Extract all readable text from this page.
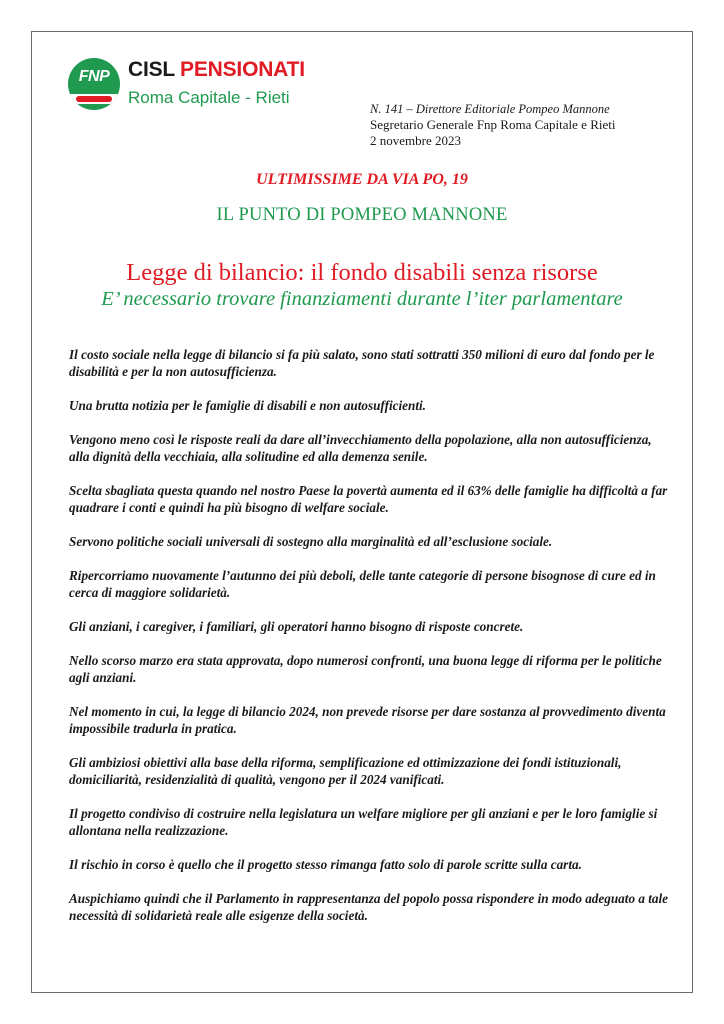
FNP CISL PENSIONATI
Roma Capitale - Rieti
N. 141 – Direttore Editoriale Pompeo Mannone
Segretario Generale Fnp Roma Capitale e Rieti
2 novembre 2023
ULTIMISSIME DA VIA PO, 19
IL PUNTO DI POMPEO MANNONE
Legge di bilancio: il fondo disabili senza risorse
E’ necessario trovare finanziamenti durante l’iter parlamentare

Il costo sociale nella legge di bilancio si fa più salato, sono stati sottratti 350 milioni di euro dal fondo per le disabilità e per la non autosufficienza.

Una brutta notizia per le famiglie di disabili e non autosufficienti.

Vengono meno così le risposte reali da dare all’invecchiamento della popolazione, alla non autosufficienza, alla dignità della vecchiaia, alla solitudine ed alla demenza senile.

Scelta sbagliata questa quando nel nostro Paese la povertà aumenta ed il 63% delle famiglie ha difficoltà a far quadrare i conti e quindi ha più bisogno di welfare sociale.

Servono politiche sociali universali di sostegno alla marginalità ed all’esclusione sociale.

Ripercorriamo nuovamente l’autunno dei più deboli, delle tante categorie di persone bisognose di cure ed in cerca di maggiore solidarietà.

Gli anziani, i caregiver, i familiari, gli operatori hanno bisogno di risposte concrete.

Nello scorso marzo era stata approvata, dopo numerosi confronti, una buona legge di riforma per le politiche agli anziani.

Nel momento in cui, la legge di bilancio 2024, non prevede risorse per dare sostanza al provvedimento diventa impossibile tradurla in pratica.

Gli ambiziosi obiettivi alla base della riforma, semplificazione ed ottimizzazione dei fondi istituzionali, domiciliarità, residenzialità di qualità, vengono per il 2024 vanificati.

Il progetto condiviso di costruire nella legislatura un welfare migliore per gli anziani e per le loro famiglie si allontana nella realizzazione.

Il rischio in corso è quello che il progetto stesso rimanga fatto solo di parole scritte sulla carta.

Auspichiamo quindi che il Parlamento in rappresentanza del popolo possa rispondere in modo adeguato a tale necessità di solidarietà reale alle esigenze della società.
